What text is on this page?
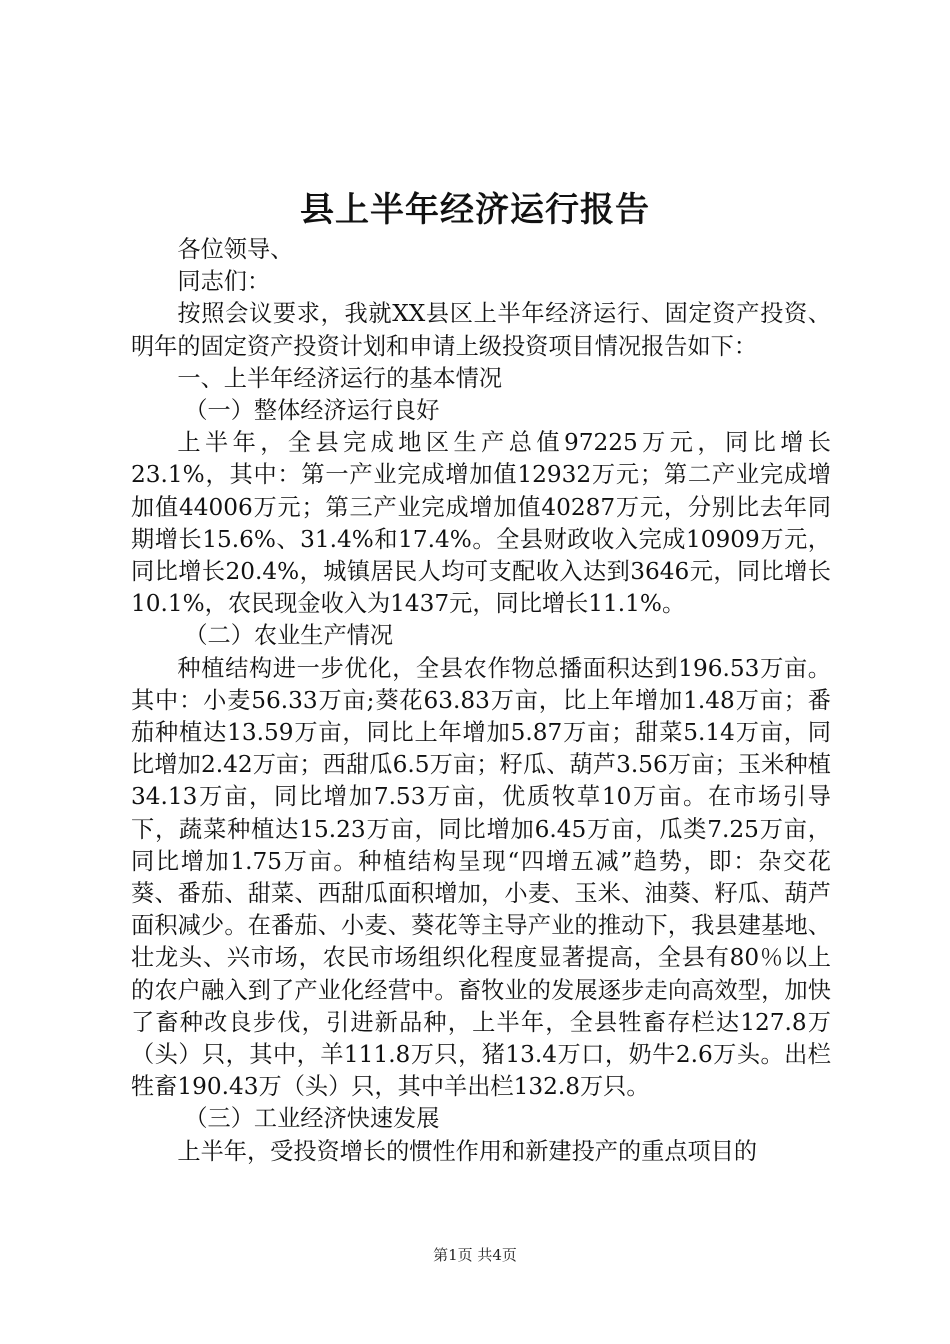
县上半年经济运行报告

各位领导、

同志们：

按照会议要求，我就XX县区上半年经济运行、固定资产投资、明年的固定资产投资计划和申请上级投资项目情况报告如下：

一、上半年经济运行的基本情况

（一）整体经济运行良好

上半年，全县完成地区生产总值97225万元，同比增长23.1%，其中：第一产业完成增加值12932万元；第二产业完成增加值44006万元；第三产业完成增加值40287万元，分别比去年同期增长15.6%、31.4%和17.4%。全县财政收入完成10909万元，同比增长20.4%，城镇居民人均可支配收入达到3646元，同比增长10.1%，农民现金收入为1437元，同比增长11.1%。

（二）农业生产情况

种植结构进一步优化，全县农作物总播面积达到196.53万亩。其中：小麦56.33万亩;葵花63.83万亩，比上年增加1.48万亩；番茄种植达13.59万亩，同比上年增加5.87万亩；甜菜5.14万亩，同比增加2.42万亩；西甜瓜6.5万亩；籽瓜、葫芦3.56万亩；玉米种植34.13万亩，同比增加7.53万亩，优质牧草10万亩。在市场引导下，蔬菜种植达15.23万亩，同比增加6.45万亩，瓜类7.25万亩，同比增加1.75万亩。种植结构呈现“四增五减”趋势，即：杂交花葵、番茄、甜菜、西甜瓜面积增加，小麦、玉米、油葵、籽瓜、葫芦面积减少。在番茄、小麦、葵花等主导产业的推动下，我县建基地、壮龙头、兴市场，农民市场组织化程度显著提高，全县有80％以上的农户融入到了产业化经营中。畜牧业的发展逐步走向高效型，加快了畜种改良步伐，引进新品种，上半年，全县牲畜存栏达127.8万（头）只，其中，羊111.8万只，猪13.4万口，奶牛2.6万头。出栏牲畜190.43万（头）只，其中羊出栏132.8万只。

（三）工业经济快速发展

上半年，受投资增长的惯性作用和新建投产的重点项目的

第1页 共4页
